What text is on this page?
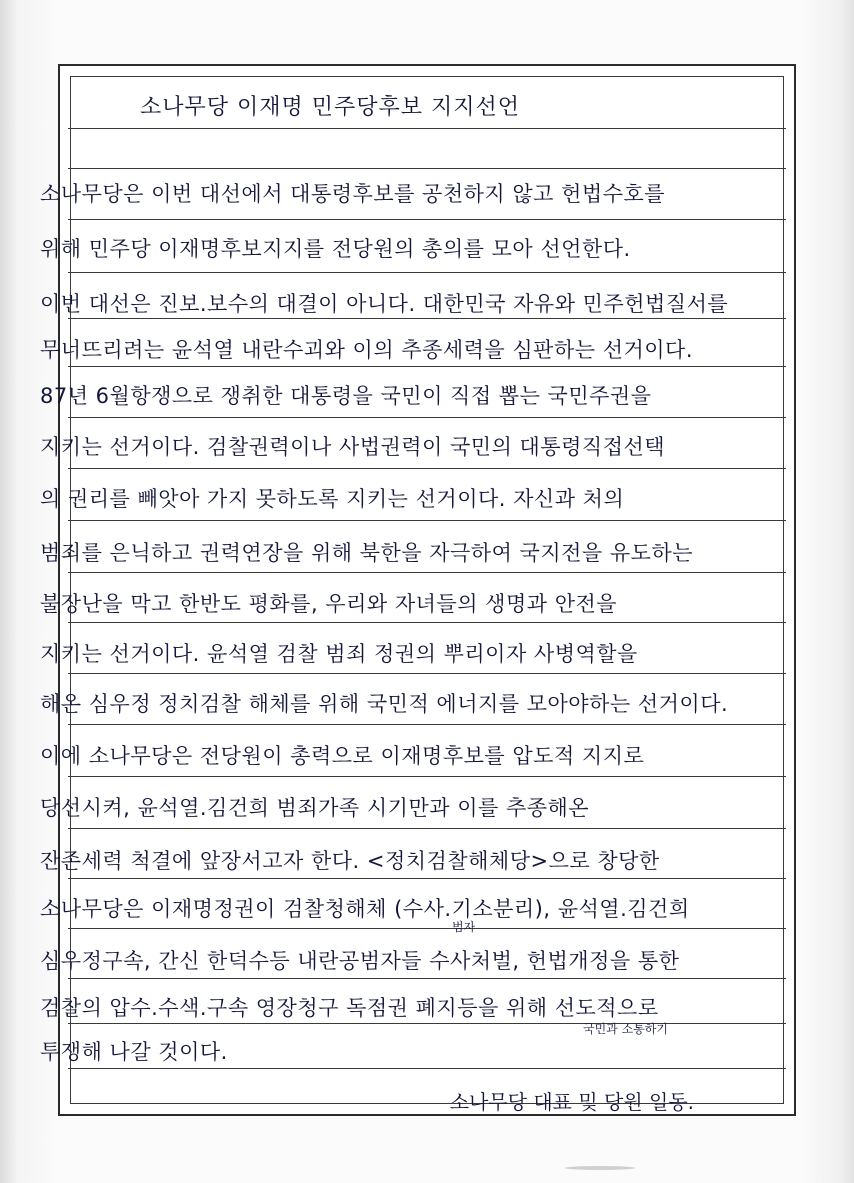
소나무당 이재명 민주당후보 지지선언
소나무당은 이번 대선에서 대통령후보를 공천하지 않고 헌법수호를
위해 민주당 이재명후보지지를 전당원의 총의를 모아 선언한다.
이번 대선은 진보.보수의 대결이 아니다. 대한민국 자유와 민주헌법질서를
무너뜨리려는 윤석열 내란수괴와 이의 추종세력을 심판하는 선거이다.
87년 6월항쟁으로 쟁취한 대통령을 국민이 직접 뽑는 국민주권을
지키는 선거이다. 검찰권력이나 사법권력이 국민의 대통령직접선택
의 권리를 빼앗아 가지 못하도록 지키는 선거이다. 자신과 처의
범죄를 은닉하고 권력연장을 위해 북한을 자극하여 국지전을 유도하는
불장난을 막고 한반도 평화를, 우리와 자녀들의 생명과 안전을
지키는 선거이다. 윤석열 검찰 범죄 정권의 뿌리이자 사병역할을
해온 심우정 정치검찰 해체를 위해 국민적 에너지를 모아야하는 선거이다.
이에 소나무당은 전당원이 총력으로 이재명후보를 압도적 지지로
당선시켜, 윤석열.김건희 범죄가족 시기만과 이를 추종해온
잔존세력 척결에 앞장서고자 한다. <정치검찰해체당>으로 창당한
소나무당은 이재명정권이 검찰청해체 (수사.기소분리), 윤석열.김건희
심우정구속, 간신 한덕수등 내란공범자들 수사처벌, 헌법개정을 통한
검찰의 압수.수색.구속 영장청구 독점권 폐지등을 위해 선도적으로
투쟁해 나갈 것이다.
범자
국민과 소통하기
소나무당 대표 및 당원 일동.
